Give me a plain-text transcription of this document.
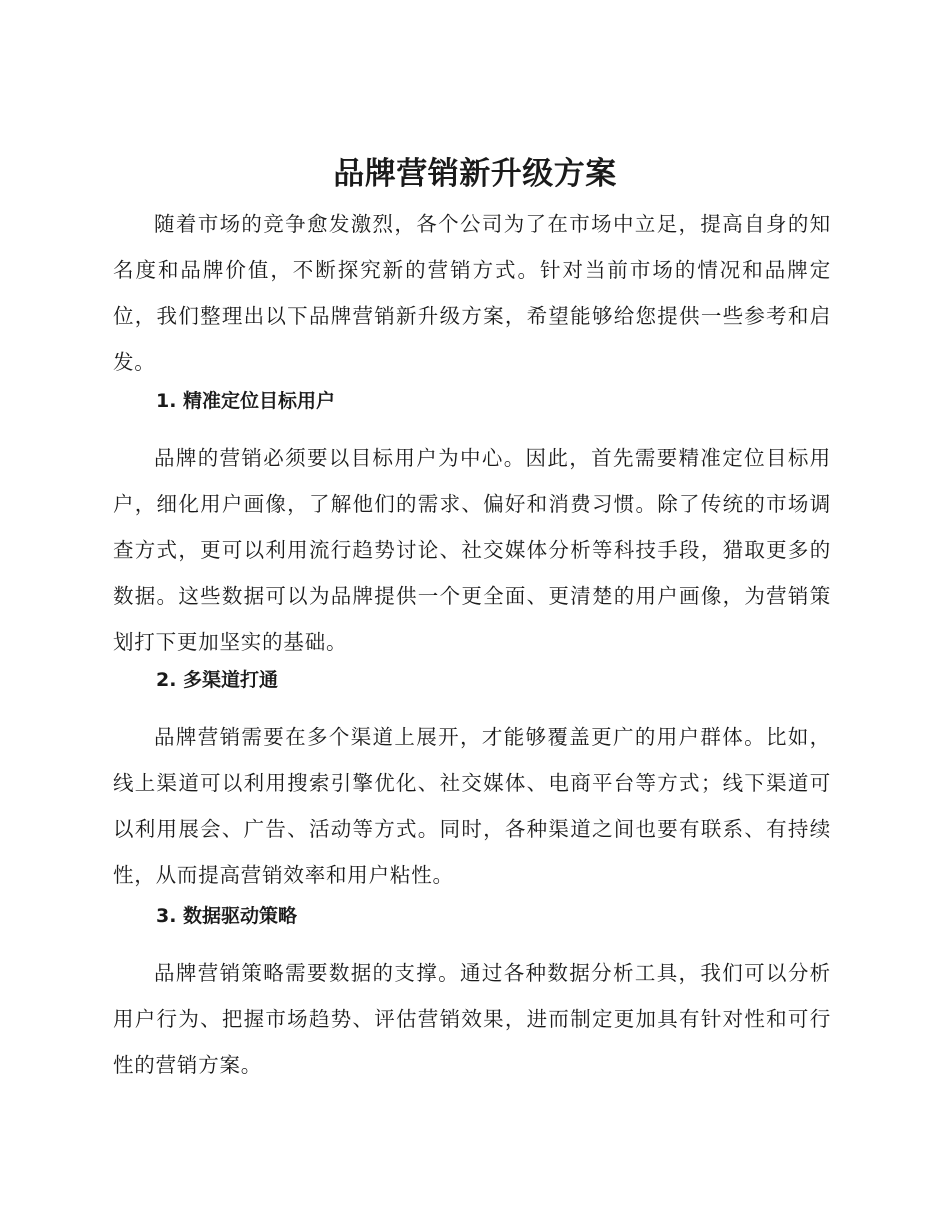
品牌营销新升级方案

随着市场的竞争愈发激烈，各个公司为了在市场中立足，提高自身的知名度和品牌价值，不断探究新的营销方式。针对当前市场的情况和品牌定位，我们整理出以下品牌营销新升级方案，希望能够给您提供一些参考和启发。

1. 精准定位目标用户

品牌的营销必须要以目标用户为中心。因此，首先需要精准定位目标用户，细化用户画像，了解他们的需求、偏好和消费习惯。除了传统的市场调查方式，更可以利用流行趋势讨论、社交媒体分析等科技手段，猎取更多的数据。这些数据可以为品牌提供一个更全面、更清楚的用户画像，为营销策划打下更加坚实的基础。

2. 多渠道打通

品牌营销需要在多个渠道上展开，才能够覆盖更广的用户群体。比如，线上渠道可以利用搜索引擎优化、社交媒体、电商平台等方式；线下渠道可以利用展会、广告、活动等方式。同时，各种渠道之间也要有联系、有持续性，从而提高营销效率和用户粘性。

3. 数据驱动策略

品牌营销策略需要数据的支撑。通过各种数据分析工具，我们可以分析用户行为、把握市场趋势、评估营销效果，进而制定更加具有针对性和可行性的营销方案。
